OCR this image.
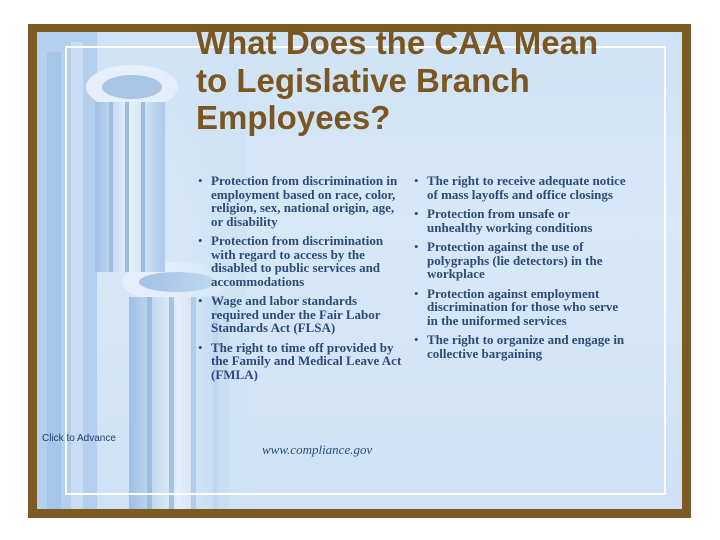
What Does the CAA Mean to Legislative Branch Employees?
• Protection from discrimination in employment based on race, color, religion, sex, national origin, age, or disability
• Protection from discrimination with regard to access by the disabled to public services and accommodations
• Wage and labor standards required under the Fair Labor Standards Act (FLSA)
• The right to time off provided by the Family and Medical Leave Act (FMLA)
• The right to receive adequate notice of mass layoffs and office closings
• Protection from unsafe or unhealthy working conditions
• Protection against the use of polygraphs (lie detectors) in the workplace
• Protection against employment discrimination for those who serve in the uniformed services
• The right to organize and engage in collective bargaining
Click to Advance
www.compliance.gov
